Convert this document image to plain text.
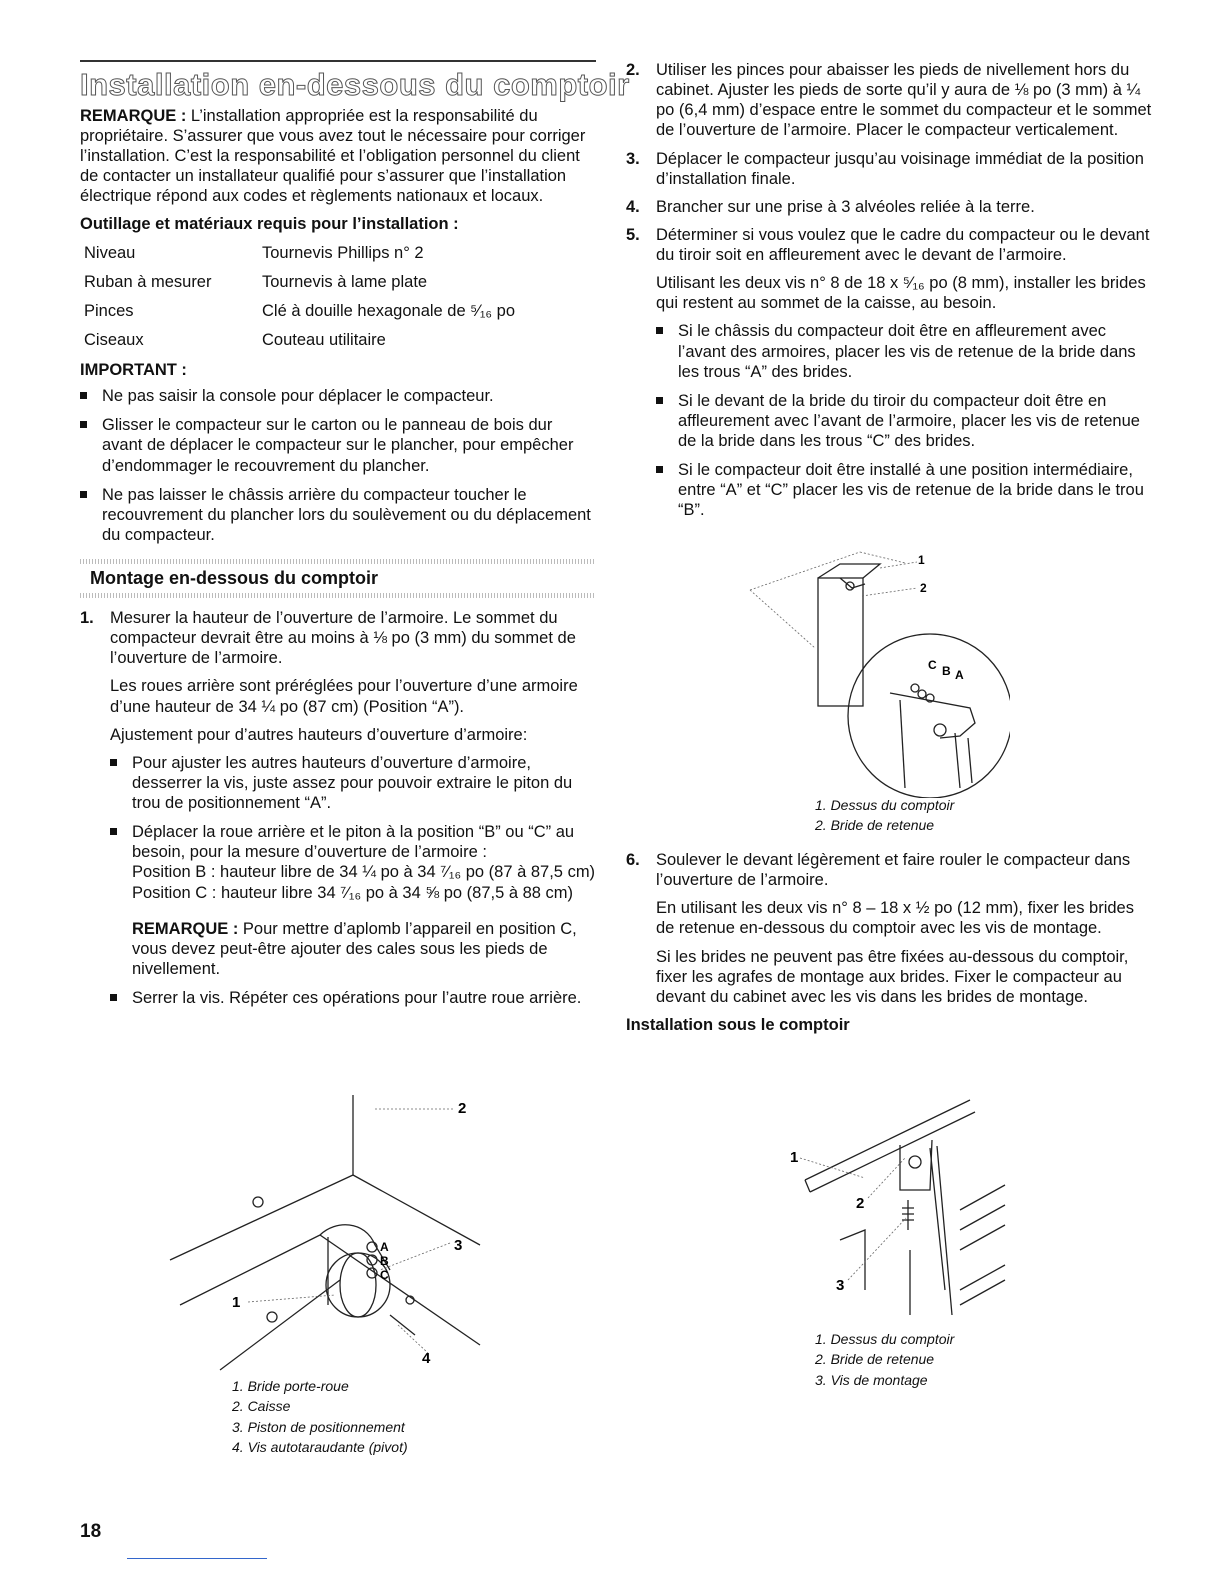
Installation en-dessous du comptoir

REMARQUE : L’installation appropriée est la responsabilité du propriétaire. S’assurer que vous avez tout le nécessaire pour corriger l’installation. C’est la responsabilité et l’obligation personnel du client de contacter un installateur qualifié pour s’assurer que l’installation électrique répond aux codes et règlements nationaux et locaux.

Outillage et matériaux requis pour l’installation :
Niveau	Tournevis Phillips n° 2
Ruban à mesurer	Tournevis à lame plate
Pinces	Clé à douille hexagonale de ⁵⁄₁₆ po
Ciseaux	Couteau utilitaire
IMPORTANT :
Ne pas saisir la console pour déplacer le compacteur.
Glisser le compacteur sur le carton ou le panneau de bois dur avant de déplacer le compacteur sur le plancher, pour empêcher d’endommager le recouvrement du plancher.
Ne pas laisser le châssis arrière du compacteur toucher le recouvrement du plancher lors du soulèvement ou du déplacement du compacteur.
Montage en-dessous du comptoir
1. Mesurer la hauteur de l’ouverture de l’armoire. Le sommet du compacteur devrait être au moins à ⅛ po (3 mm) du sommet de l’ouverture de l’armoire.

Les roues arrière sont préréglées pour l’ouverture d’une armoire d’une hauteur de 34 ¼ po (87 cm) (Position “A”).

Ajustement pour d’autres hauteurs d’ouverture d’armoire:

Pour ajuster les autres hauteurs d’ouverture d’armoire, desserrer la vis, juste assez pour pouvoir extraire le piton du trou de positionnement “A”.
Déplacer la roue arrière et le piton à la position “B” ou “C” au besoin, pour la mesure d’ouverture de l’armoire :
Position B : hauteur libre de 34 ¼ po à 34 ⁷⁄₁₆ po (87 à 87,5 cm)
Position C : hauteur libre 34 ⁷⁄₁₆ po à 34 ⅝ po (87,5 à 88 cm)
REMARQUE : Pour mettre d’aplomb l’appareil en position C, vous devez peut-être ajouter des cales sous les pieds de nivellement.
Serrer la vis. Répéter ces opérations pour l’autre roue arrière.
2
3
1
4
A
B
C
1. Bride porte-roue
2. Caisse
3. Piston de positionnement
4. Vis autotaraudante (pivot)
2. Utiliser les pinces pour abaisser les pieds de nivellement hors du cabinet. Ajuster les pieds de sorte qu’il y aura de ⅛ po (3 mm) à ¼ po (6,4 mm) d’espace entre le sommet du compacteur et le sommet de l’ouverture de l’armoire. Placer le compacteur verticalement.

3. Déplacer le compacteur jusqu’au voisinage immédiat de la position d’installation finale.

4. Brancher sur une prise à 3 alvéoles reliée à la terre.

5. Déterminer si vous voulez que le cadre du compacteur ou le devant du tiroir soit en affleurement avec le devant de l’armoire.

Utilisant les deux vis n° 8 de 18 x ⁵⁄₁₆ po (8 mm), installer les brides qui restent au sommet de la caisse, au besoin.

Si le châssis du compacteur doit être en affleurement avec l’avant des armoires, placer les vis de retenue de la bride dans les trous “A” des brides.
Si le devant de la bride du tiroir du compacteur doit être en affleurement avec l’avant de l’armoire, placer les vis de retenue de la bride dans les trous “C” des brides.
Si le compacteur doit être installé à une position intermédiaire, entre “A” et “C” placer les vis de retenue de la bride dans le trou “B”.
1
2
C B A
1. Dessus du comptoir
2. Bride de retenue
6. Soulever le devant légèrement et faire rouler le compacteur dans l’ouverture de l’armoire.

En utilisant les deux vis n° 8 – 18 x ½ po (12 mm), fixer les brides de retenue en-dessous du comptoir avec les vis de montage.

Si les brides ne peuvent pas être fixées au-dessous du comptoir, fixer les agrafes de montage aux brides. Fixer le compacteur au devant du cabinet avec les vis dans les brides de montage.

Installation sous le comptoir
1
2
3
1. Dessus du comptoir
2. Bride de retenue
3. Vis de montage
18
